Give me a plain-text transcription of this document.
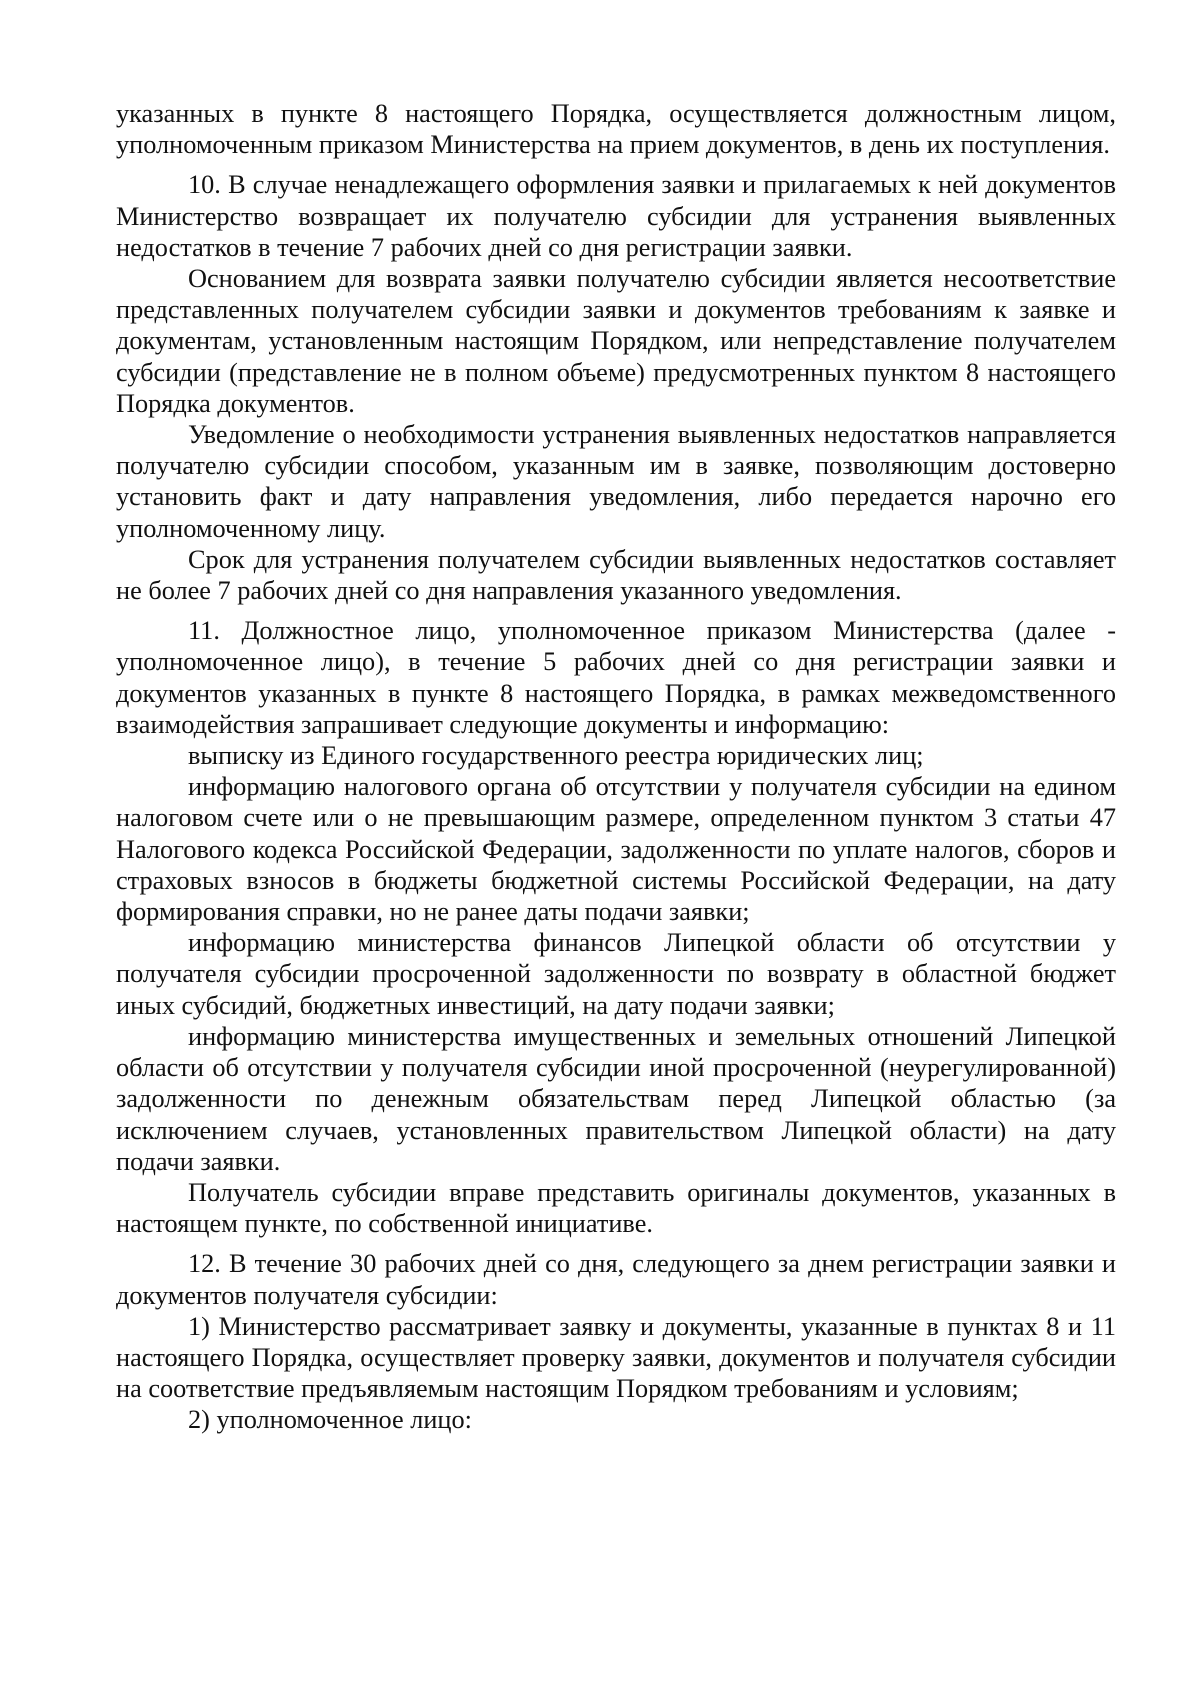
указанных в пункте 8 настоящего Порядка, осуществляется должностным лицом, уполномоченным приказом Министерства на прием документов, в день их поступления.

10. В случае ненадлежащего оформления заявки и прилагаемых к ней документов Министерство возвращает их получателю субсидии для устранения выявленных недостатков в течение 7 рабочих дней со дня регистрации заявки.

Основанием для возврата заявки получателю субсидии является несоответствие представленных получателем субсидии заявки и документов требованиям к заявке и документам, установленным настоящим Порядком, или непредставление получателем субсидии (представление не в полном объеме) предусмотренных пунктом 8 настоящего Порядка документов.

Уведомление о необходимости устранения выявленных недостатков направляется получателю субсидии способом, указанным им в заявке, позволяющим достоверно установить факт и дату направления уведомления, либо передается нарочно его уполномоченному лицу.

Срок для устранения получателем субсидии выявленных недостатков составляет не более 7 рабочих дней со дня направления указанного уведомления.

11. Должностное лицо, уполномоченное приказом Министерства (далее - уполномоченное лицо), в течение 5 рабочих дней со дня регистрации заявки и документов указанных в пункте 8 настоящего Порядка, в рамках межведомственного взаимодействия запрашивает следующие документы и информацию:

выписку из Единого государственного реестра юридических лиц;

информацию налогового органа об отсутствии у получателя субсидии на едином налоговом счете или о не превышающим размере, определенном пунктом 3 статьи 47 Налогового кодекса Российской Федерации, задолженности по уплате налогов, сборов и страховых взносов в бюджеты бюджетной системы Российской Федерации, на дату формирования справки, но не ранее даты подачи заявки;

информацию министерства финансов Липецкой области об отсутствии у получателя субсидии просроченной задолженности по возврату в областной бюджет иных субсидий, бюджетных инвестиций, на дату подачи заявки;

информацию министерства имущественных и земельных отношений Липецкой области об отсутствии у получателя субсидии иной просроченной (неурегулированной) задолженности по денежным обязательствам перед Липецкой областью (за исключением случаев, установленных правительством Липецкой области) на дату подачи заявки.

Получатель субсидии вправе представить оригиналы документов, указанных в настоящем пункте, по собственной инициативе.

12. В течение 30 рабочих дней со дня, следующего за днем регистрации заявки и документов получателя субсидии:

1) Министерство рассматривает заявку и документы, указанные в пунктах 8 и 11 настоящего Порядка, осуществляет проверку заявки, документов и получателя субсидии на соответствие предъявляемым настоящим Порядком требованиям и условиям;

2) уполномоченное лицо:
